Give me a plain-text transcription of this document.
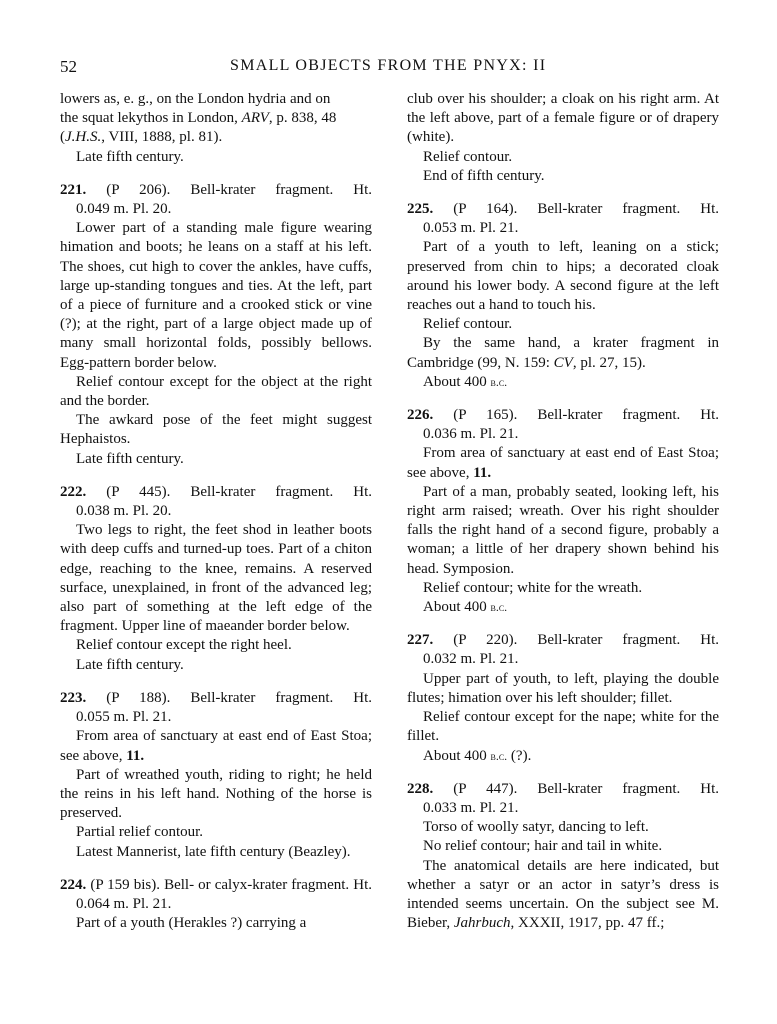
52	SMALL OBJECTS FROM THE PNYX: II

lowers as, e. g., on the London hydria and on

the squat lekythos in London, ARV, p. 838, 48

(J.H.S., VIII, 1888, pl. 81).

Late fifth century.

221. (P 206). Bell-krater fragment. Ht.

0.049 m. Pl. 20.

Lower part of a standing male figure wearing himation and boots; he leans on a staff at his left. The shoes, cut high to cover the ankles, have cuffs, large up-standing tongues and ties. At the left, part of a piece of furniture and a crooked stick or vine (?); at the right, part of a large object made up of many small horizontal folds, possibly bellows. Egg-pattern border below.

Relief contour except for the object at the right and the border.

The awkard pose of the feet might suggest Hephaistos.

Late fifth century.

222. (P 445). Bell-krater fragment. Ht.

0.038 m. Pl. 20.

Two legs to right, the feet shod in leather boots with deep cuffs and turned-up toes. Part of a chiton edge, reaching to the knee, remains. A reserved surface, unexplained, in front of the advanced leg; also part of something at the left edge of the fragment. Upper line of maeander border below.

Relief contour except the right heel.

Late fifth century.

223. (P 188). Bell-krater fragment. Ht.

0.055 m. Pl. 21.

From area of sanctuary at east end of East Stoa; see above, 11.

Part of wreathed youth, riding to right; he held the reins in his left hand. Nothing of the horse is preserved.

Partial relief contour.

Latest Mannerist, late fifth century (Beazley).

224. (P 159 bis). Bell- or calyx-krater fragment. Ht. 0.064 m. Pl. 21.

Part of a youth (Herakles ?) carrying a

club over his shoulder; a cloak on his right arm. At the left above, part of a female figure or of drapery (white).

Relief contour.

End of fifth century.

225. (P 164). Bell-krater fragment. Ht.

0.053 m. Pl. 21.

Part of a youth to left, leaning on a stick; preserved from chin to hips; a decorated cloak around his lower body. A second figure at the left reaches out a hand to touch his.

Relief contour.

By the same hand, a krater fragment in Cambridge (99, N. 159: CV, pl. 27, 15).

About 400 b.c.

226. (P 165). Bell-krater fragment. Ht.

0.036 m. Pl. 21.

From area of sanctuary at east end of East Stoa; see above, 11.

Part of a man, probably seated, looking left, his right arm raised; wreath. Over his right shoulder falls the right hand of a second figure, probably a woman; a little of her drapery shown behind his head. Symposion.

Relief contour; white for the wreath.

About 400 b.c.

227. (P 220). Bell-krater fragment. Ht.

0.032 m. Pl. 21.

Upper part of youth, to left, playing the double flutes; himation over his left shoulder; fillet.

Relief contour except for the nape; white for the fillet.

About 400 b.c. (?).

228. (P 447). Bell-krater fragment. Ht.

0.033 m. Pl. 21.

Torso of woolly satyr, dancing to left.

No relief contour; hair and tail in white.

The anatomical details are here indicated, but whether a satyr or an actor in satyr’s dress is intended seems uncertain. On the subject see M. Bieber, Jahrbuch, XXXII, 1917, pp. 47 ff.;
